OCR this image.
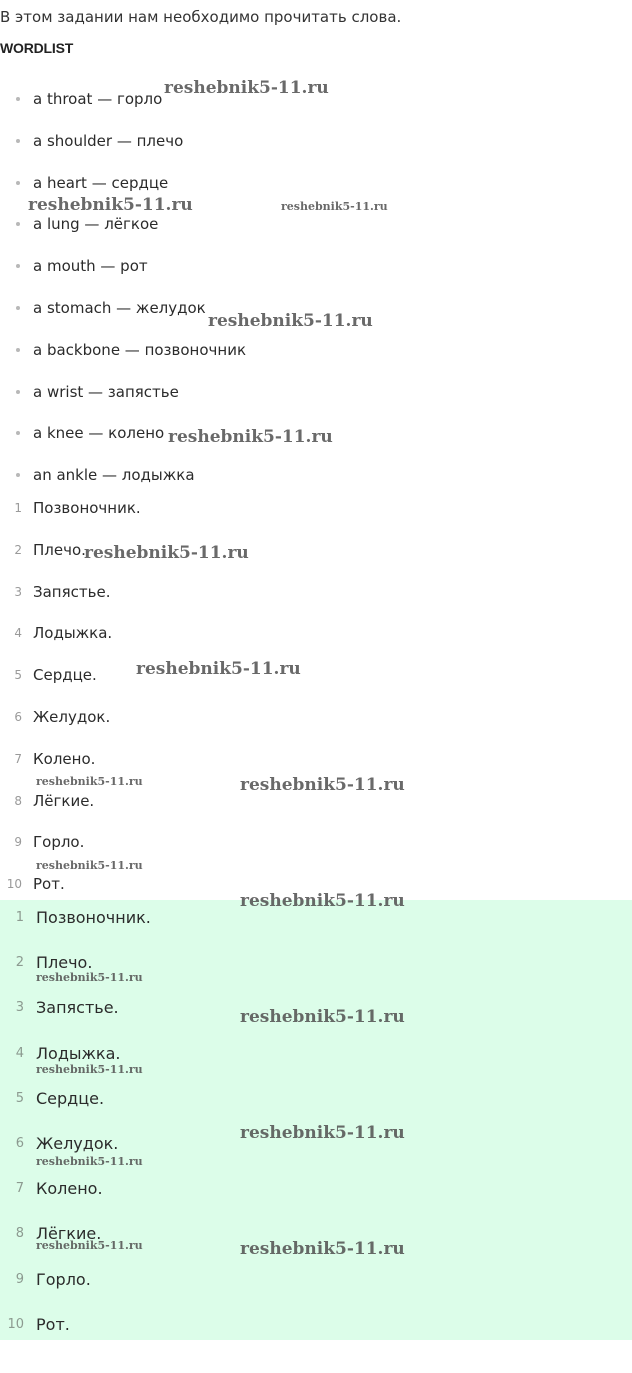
В этом задании нам необходимо прочитать слова.
WORDLIST
a throat — горло
a shoulder — плечо
a heart — сердце
a lung — лёгкое
a mouth — рот
a stomach — желудок
a backbone — позвоночник
a wrist — запястье
a knee — колено
an ankle — лодыжка
1 Позвоночник.
2 Плечо.
3 Запястье.
4 Лодыжка.
5 Сердце.
6 Желудок.
7 Колено.
8 Лёгкие.
9 Горло.
10 Рот.
1 Позвоночник.
2 Плечо.
3 Запястье.
4 Лодыжка.
5 Сердце.
6 Желудок.
7 Колено.
8 Лёгкие.
9 Горло.
10 Рот.
reshebnik5-11.ru
reshebnik5-11.ru	reshebnik5-11.ru
reshebnik5-11.ru
reshebnik5-11.ru
reshebnik5-11.ru
reshebnik5-11.ru
reshebnik5-11.ru	reshebnik5-11.ru
reshebnik5-11.ru
reshebnik5-11.ru
reshebnik5-11.ru
reshebnik5-11.ru
reshebnik5-11.ru
reshebnik5-11.ru
reshebnik5-11.ru
reshebnik5-11.ru	reshebnik5-11.ru
